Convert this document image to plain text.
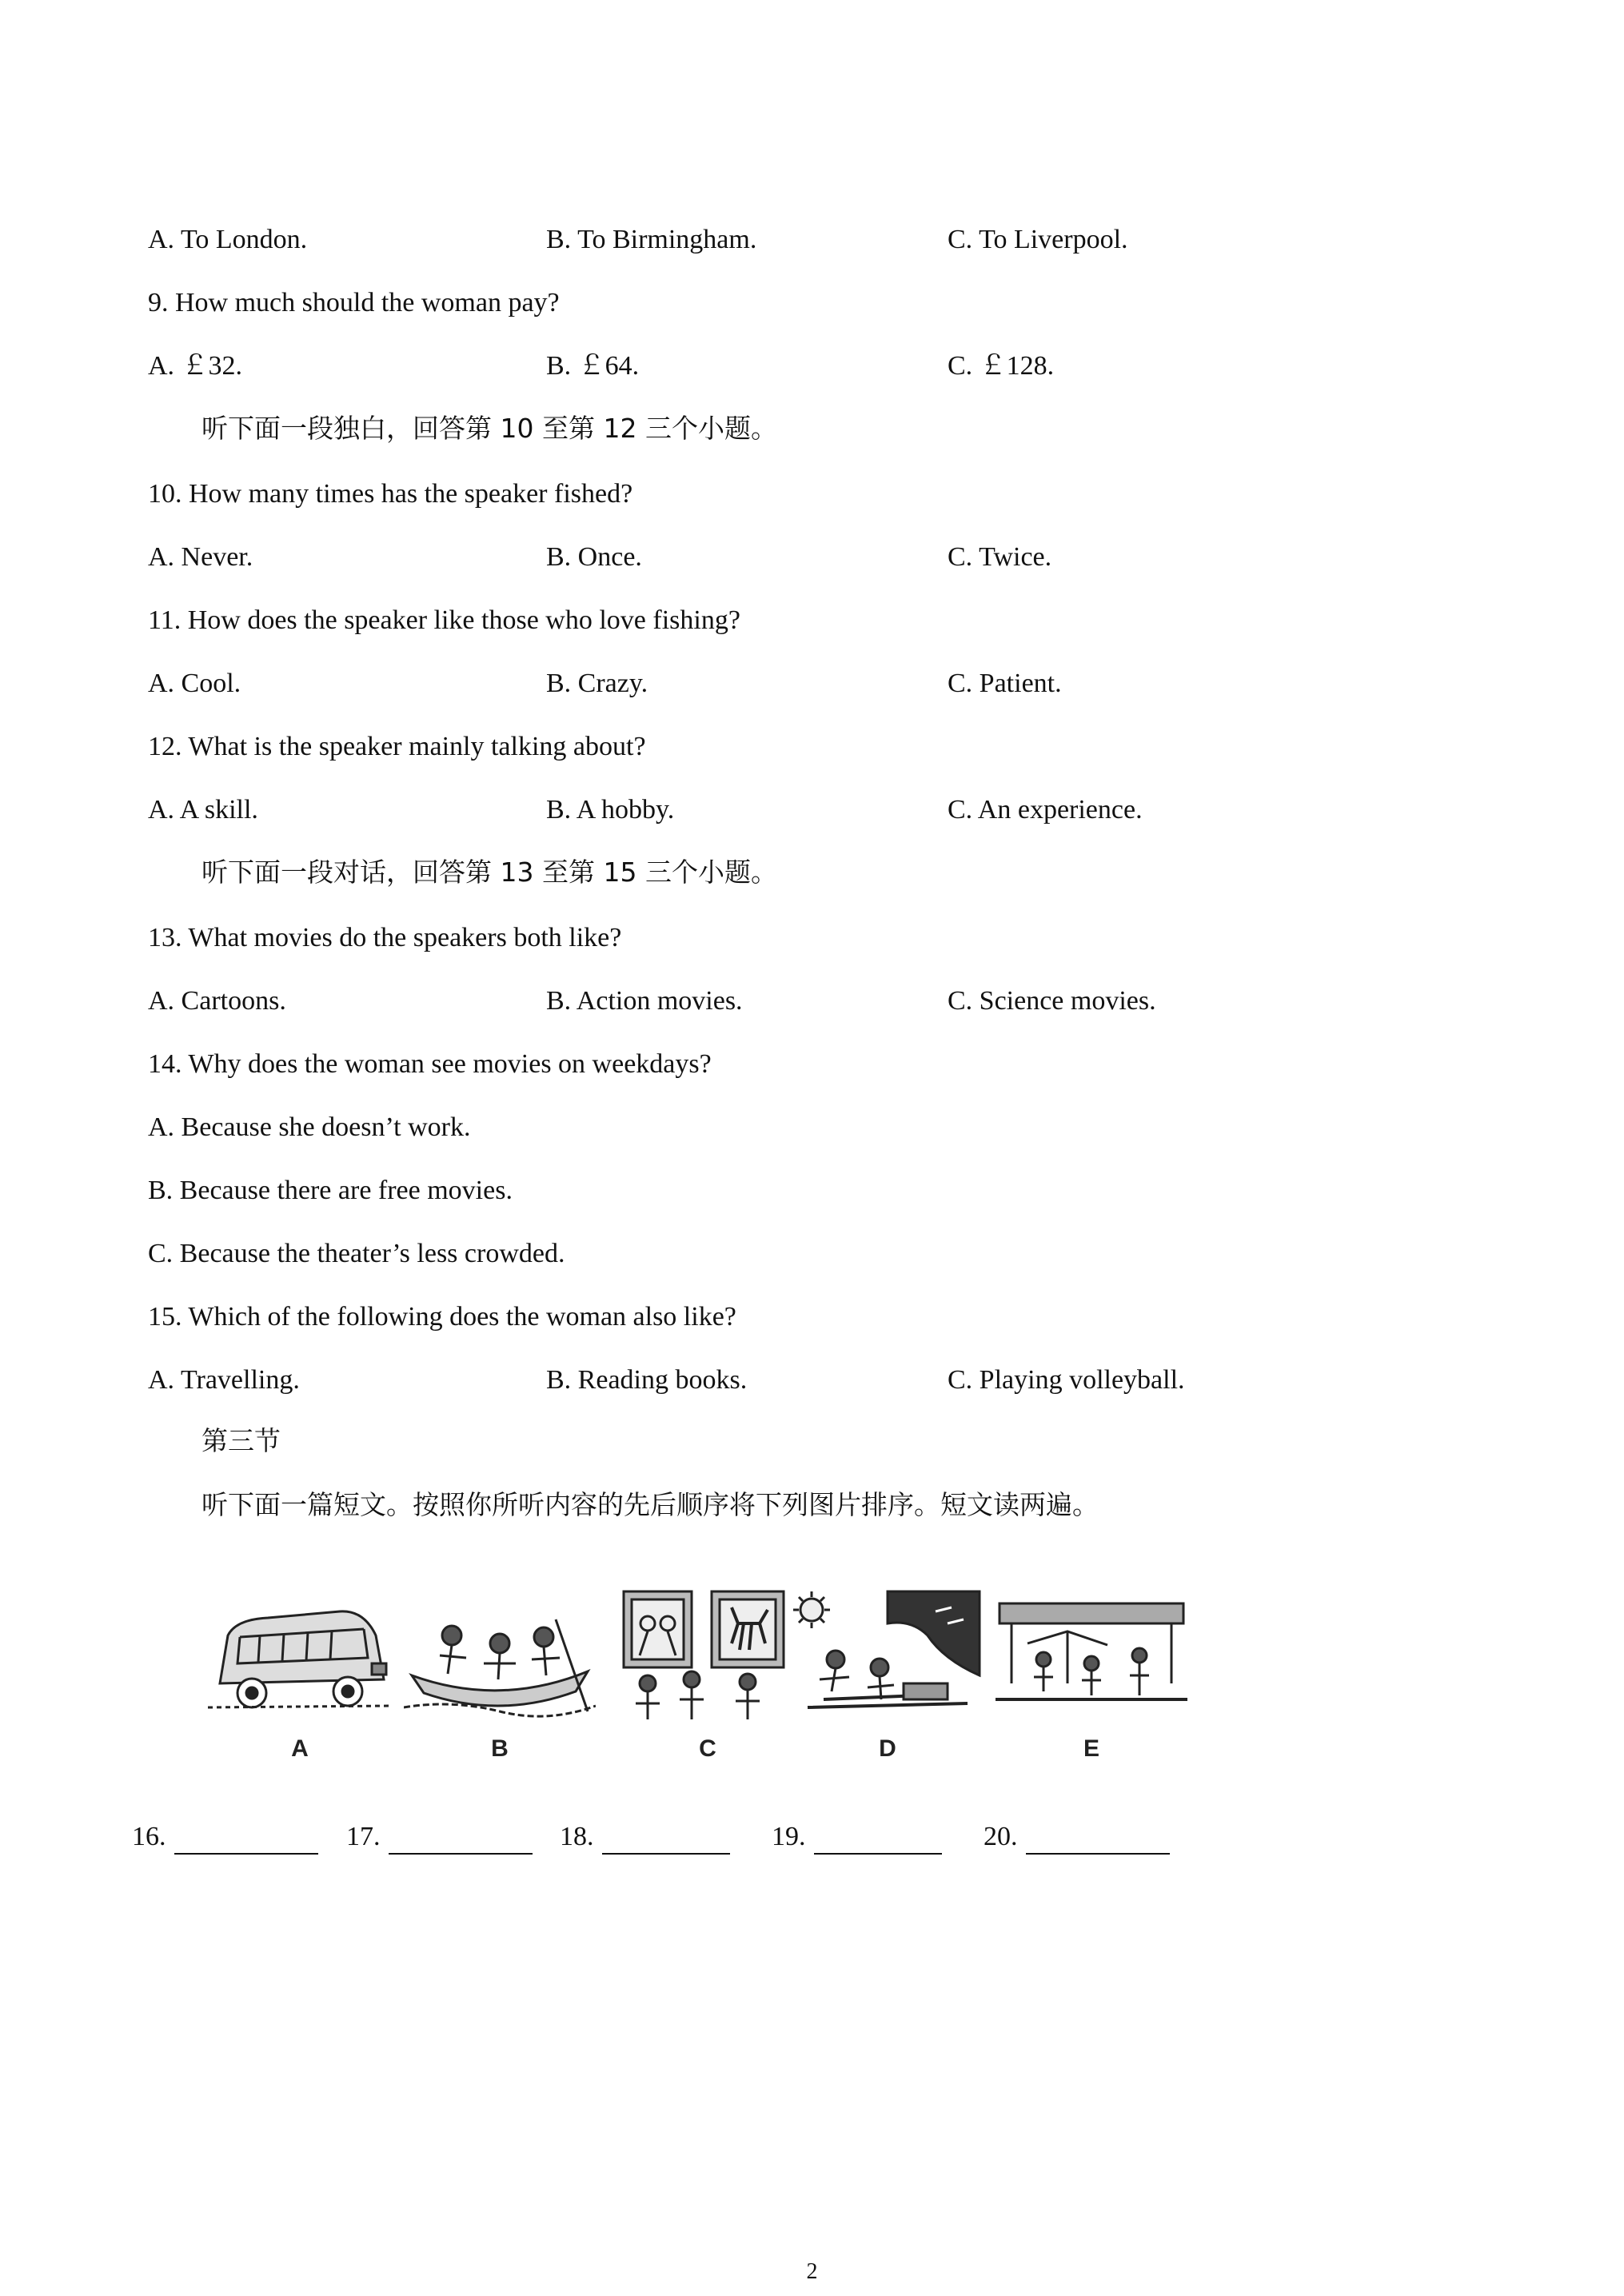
A. To London.	B. To Birmingham.	C. To Liverpool.
9. How much should the woman pay?
A. ￡32.	B. ￡64.	C. ￡128.
听下面一段独白，回答第 10 至第 12 三个小题。
10. How many times has the speaker fished?
A. Never.	B. Once.	C. Twice.
11. How does the speaker like those who love fishing?
A. Cool.	B. Crazy.	C. Patient.
12. What is the speaker mainly talking about?
A. A skill.	B. A hobby.	C. An experience.
听下面一段对话，回答第 13 至第 15 三个小题。
13. What movies do the speakers both like?
A. Cartoons.	B. Action movies.	C. Science movies.
14. Why does the woman see movies on weekdays?
A. Because she doesn’t work.
B. Because there are free movies.
C. Because the theater’s less crowded.
15. Which of the following does the woman also like?
A. Travelling.	B. Reading books.	C. Playing volleyball.
第三节
听下面一篇短文。按照你所听内容的先后顺序将下列图片排序。短文读两遍。
A	B	C	D	E
16.	17.	18.	19.	20.
2
